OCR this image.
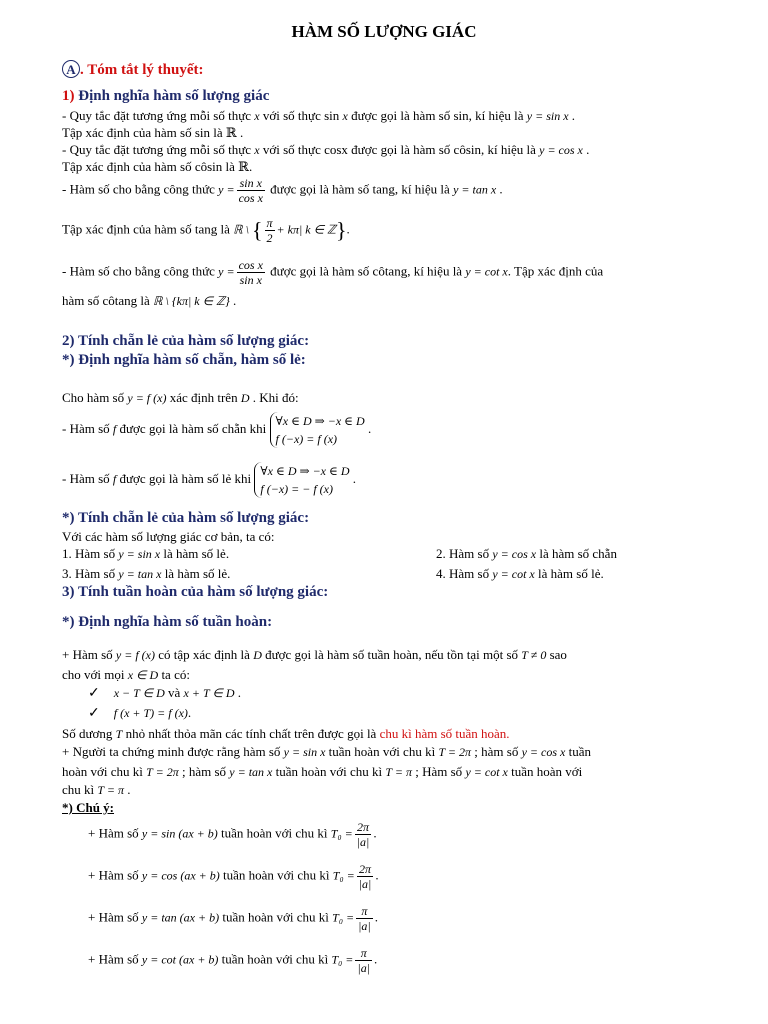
HÀM SỐ LƯỢNG GIÁC
A . Tóm tắt lý thuyết:
1) Định nghĩa hàm số lượng giác
- Quy tắc đặt tương ứng mỗi số thực x với số thực sin x được gọi là hàm số sin, kí hiệu là y = sin x .
Tập xác định của hàm số sin là ℝ .
- Quy tắc đặt tương ứng mỗi số thực x với số thực cosx được gọi là hàm số côsin, kí hiệu là y = cos x .
Tập xác định của hàm số côsin là ℝ.
- Hàm số cho bằng công thức $y = \frac{\text{sin x}}{\text{cos x}}$ được gọi là hàm số tang, kí hiệu là y = tan x .
Tập xác định của hàm số tang là ℝ \ { $\frac{\pi}{2} + k\pi|$ k ∈ ℤ}.
- Hàm số cho bằng công thức $y = \frac{\text{cos x}}{\text{sin x}}$ được gọi là hàm số côtang, kí hiệu là y = cot x. Tập xác định của
hàm số côtang là ℝ \ {kπ| k ∈ ℤ} .
2) Tính chẵn lẻ của hàm số lượng giác:
*) Định nghĩa hàm số chẵn, hàm số lẻ:
Cho hàm số y = f (x) xác định trên D . Khi đó:
- Hàm số f được gọi là hàm số chẵn khi ∀x ∈ D ⇒ −x ∈ D
f (−x) = f (x)
.
- Hàm số f được gọi là hàm số lẻ khi ∀x ∈ D ⇒ −x ∈ D
f (−x) = − f (x)
.
*) Tính chẵn lẻ của hàm số lượng giác:
Với các hàm số lượng giác cơ bản, ta có:
1. Hàm số y = sin x là hàm số lẻ.	2. Hàm số y = cos x là hàm số chẵn
3. Hàm số y = tan x là hàm số lẻ.	4. Hàm số y = cot x là hàm số lẻ.
3) Tính tuần hoàn của hàm số lượng giác:
*) Định nghĩa hàm số tuần hoàn:
+ Hàm số y = f (x) có tập xác định là D được gọi là hàm số tuần hoàn, nếu tồn tại một số T ≠ 0 sao
cho với mọi x ∈ D ta có:
✓ x − T ∈ D và x + T ∈ D .
✓ f (x + T) = f (x).
Số dương T nhỏ nhất thỏa mãn các tính chất trên được gọi là chu kì hàm số tuần hoàn.
+ Người ta chứng minh được rằng hàm số y = sin x tuần hoàn với chu kì T = 2π ; hàm số y = cos x tuần
hoàn với chu kì T = 2π ; hàm số y = tan x tuần hoàn với chu kì T = π ; Hàm số y = cot x tuần hoàn với
chu kì T = π .
*) Chú ý:
+ Hàm số y = sin (ax + b) tuần hoàn với chu kì $T_0 = \frac{2\pi}{|a|}$ .
+ Hàm số y = cos (ax + b) tuần hoàn với chu kì $T_0 = \frac{2\pi}{|a|}$ .
+ Hàm số y = tan (ax + b) tuần hoàn với chu kì $T_0 = \frac{\pi}{|a|}$ .
+ Hàm số y = cot (ax + b) tuần hoàn với chu kì $T_0 = \frac{\pi}{|a|}$ .
